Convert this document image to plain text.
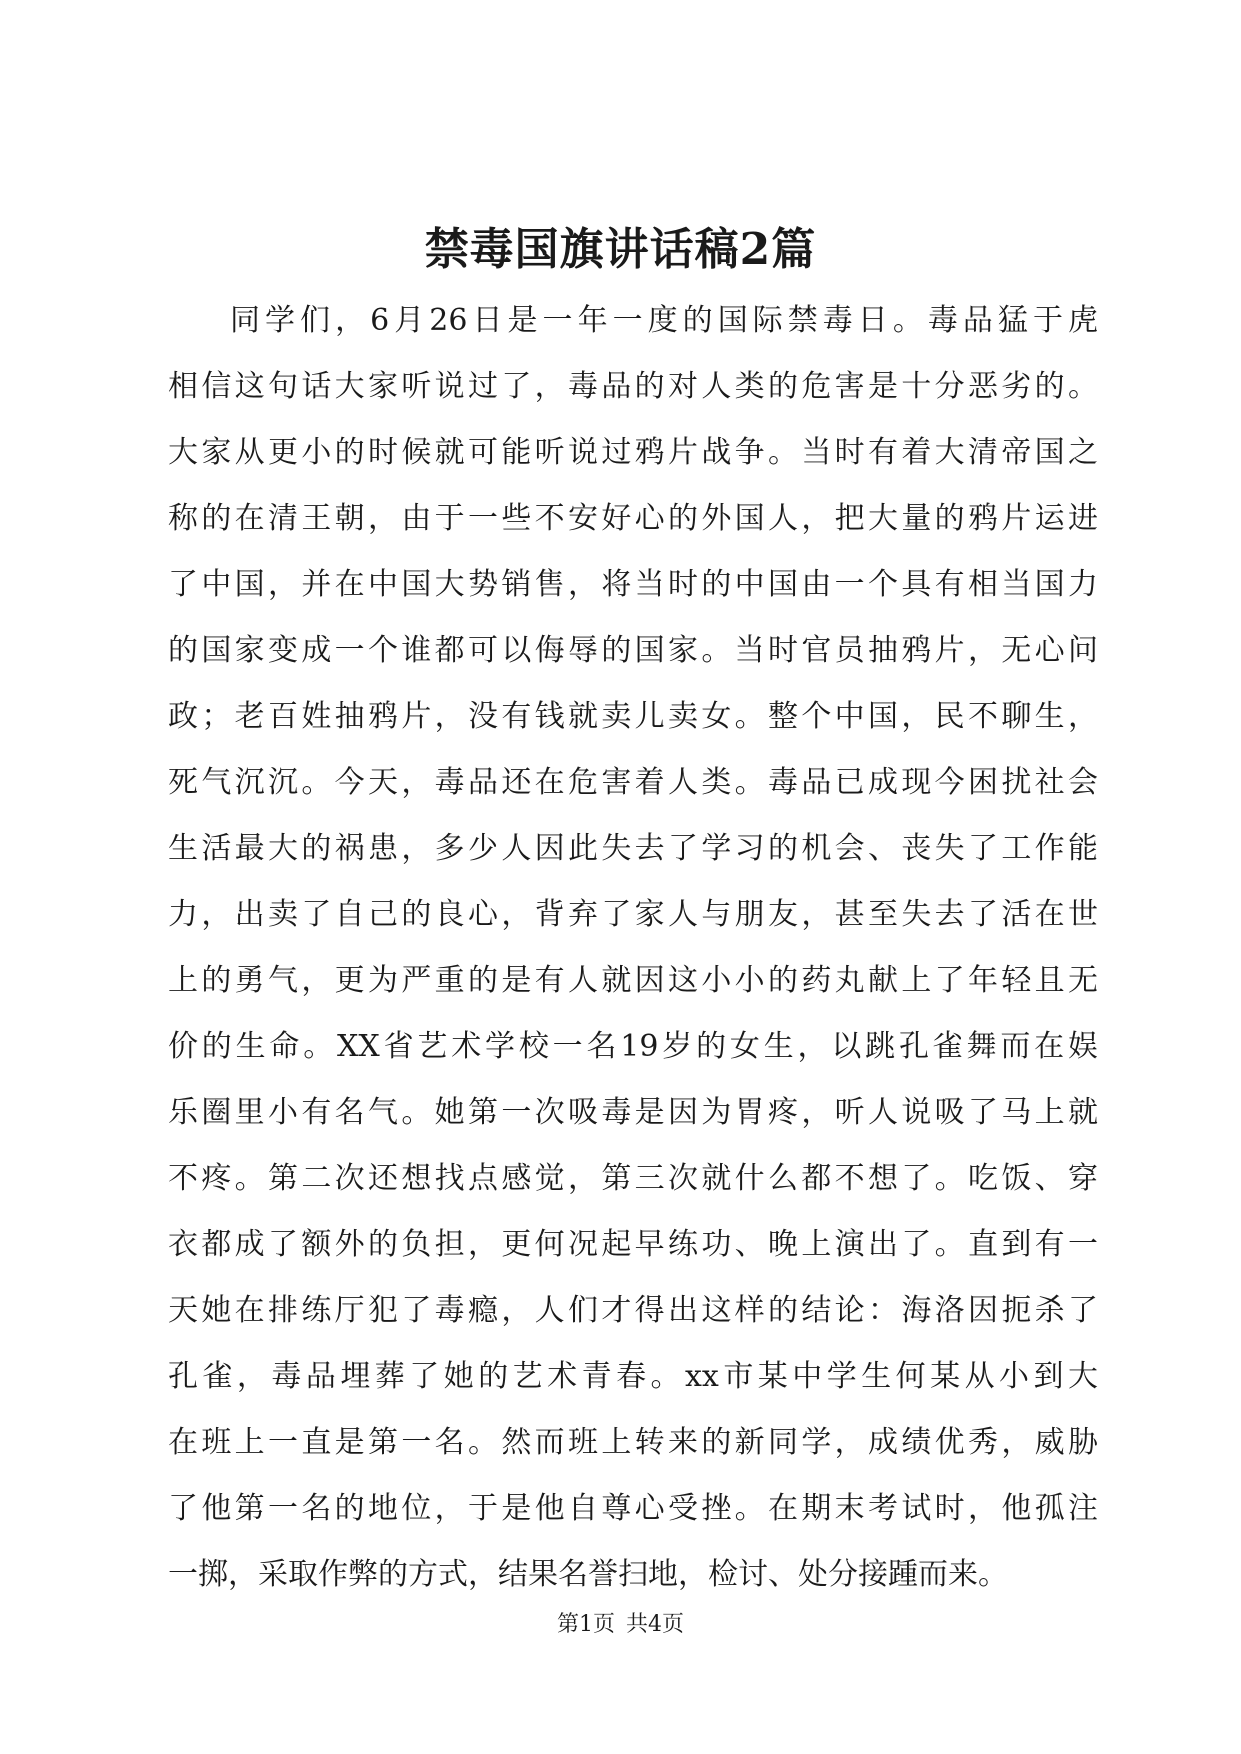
禁毒国旗讲话稿2篇
同学们，6月26日是一年一度的国际禁毒日。毒品猛于虎
相信这句话大家听说过了，毒品的对人类的危害是十分恶劣的。
大家从更小的时候就可能听说过鸦片战争。当时有着大清帝国之
称的在清王朝，由于一些不安好心的外国人，把大量的鸦片运进
了中国，并在中国大势销售，将当时的中国由一个具有相当国力
的国家变成一个谁都可以侮辱的国家。当时官员抽鸦片，无心问
政；老百姓抽鸦片，没有钱就卖儿卖女。整个中国，民不聊生，
死气沉沉。今天，毒品还在危害着人类。毒品已成现今困扰社会
生活最大的祸患，多少人因此失去了学习的机会、丧失了工作能
力，出卖了自己的良心，背弃了家人与朋友，甚至失去了活在世
上的勇气，更为严重的是有人就因这小小的药丸献上了年轻且无
价的生命。XX省艺术学校一名19岁的女生，以跳孔雀舞而在娱
乐圈里小有名气。她第一次吸毒是因为胃疼，听人说吸了马上就
不疼。第二次还想找点感觉，第三次就什么都不想了。吃饭、穿
衣都成了额外的负担，更何况起早练功、晚上演出了。直到有一
天她在排练厅犯了毒瘾，人们才得出这样的结论：海洛因扼杀了
孔雀，毒品埋葬了她的艺术青春。xx市某中学生何某从小到大
在班上一直是第一名。然而班上转来的新同学，成绩优秀，威胁
了他第一名的地位，于是他自尊心受挫。在期末考试时，他孤注
一掷，采取作弊的方式，结果名誉扫地，检讨、处分接踵而来。
第1页 共4页
